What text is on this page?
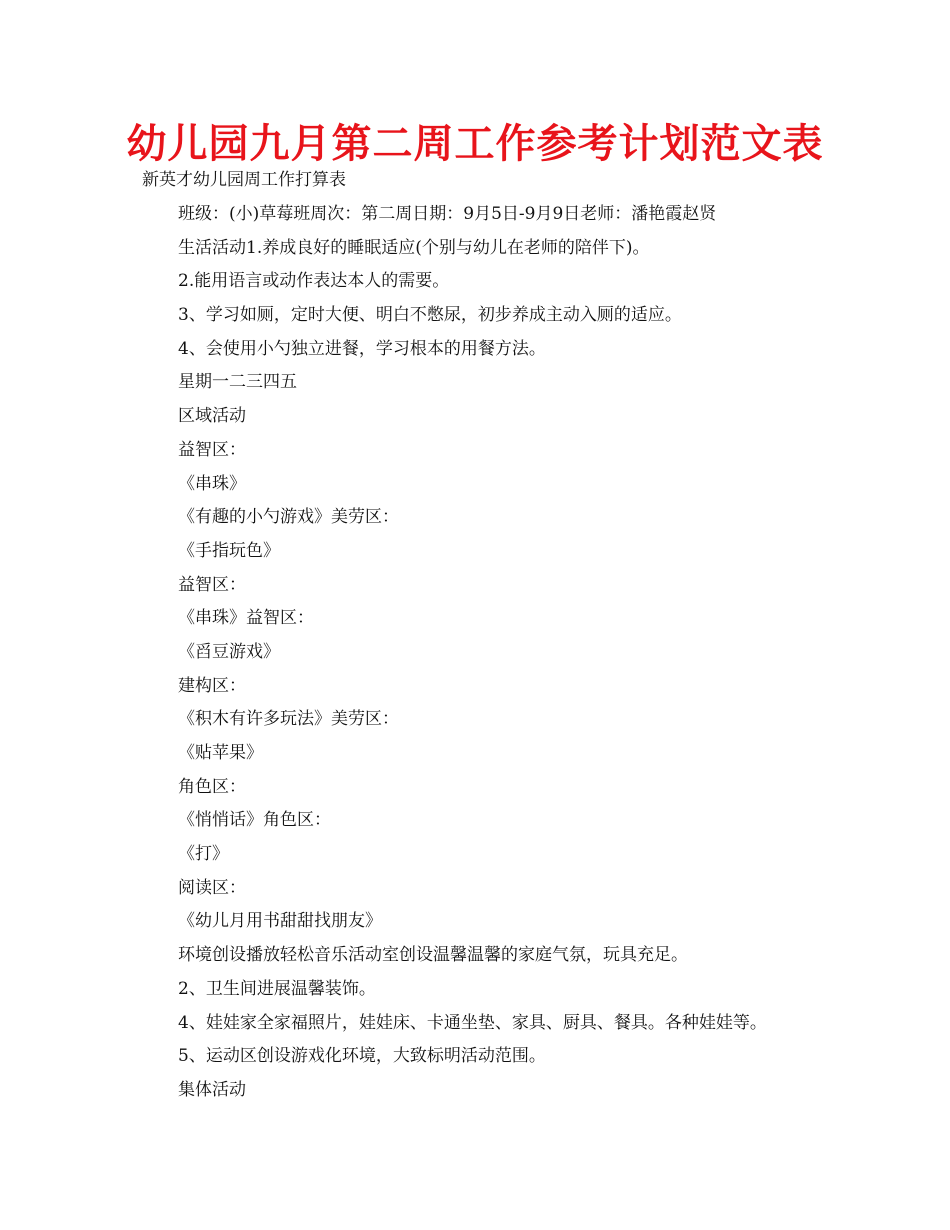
幼儿园九月第二周工作参考计划范文表

新英才幼儿园周工作打算表

班级：(小)草莓班周次：第二周日期：9月5日-9月9日老师：潘艳霞赵贤
生活活动1.养成良好的睡眠适应(个别与幼儿在老师的陪伴下)。
2.能用语言或动作表达本人的需要。
3、学习如厕，定时大便、明白不憋尿，初步养成主动入厕的适应。
4、会使用小勺独立进餐，学习根本的用餐方法。
星期一二三四五
区域活动
益智区：
《串珠》
《有趣的小勺游戏》美劳区：
《手指玩色》
益智区：
《串珠》益智区：
《舀豆游戏》
建构区：
《积木有许多玩法》美劳区：
《贴苹果》
角色区：
《悄悄话》角色区：
《打》
阅读区：
《幼儿月用书甜甜找朋友》
环境创设播放轻松音乐活动室创设温馨温馨的家庭气氛，玩具充足。
2、卫生间进展温馨装饰。
4、娃娃家全家福照片，娃娃床、卡通坐垫、家具、厨具、餐具。各种娃娃等。
5、运动区创设游戏化环境，大致标明活动范围。
集体活动
